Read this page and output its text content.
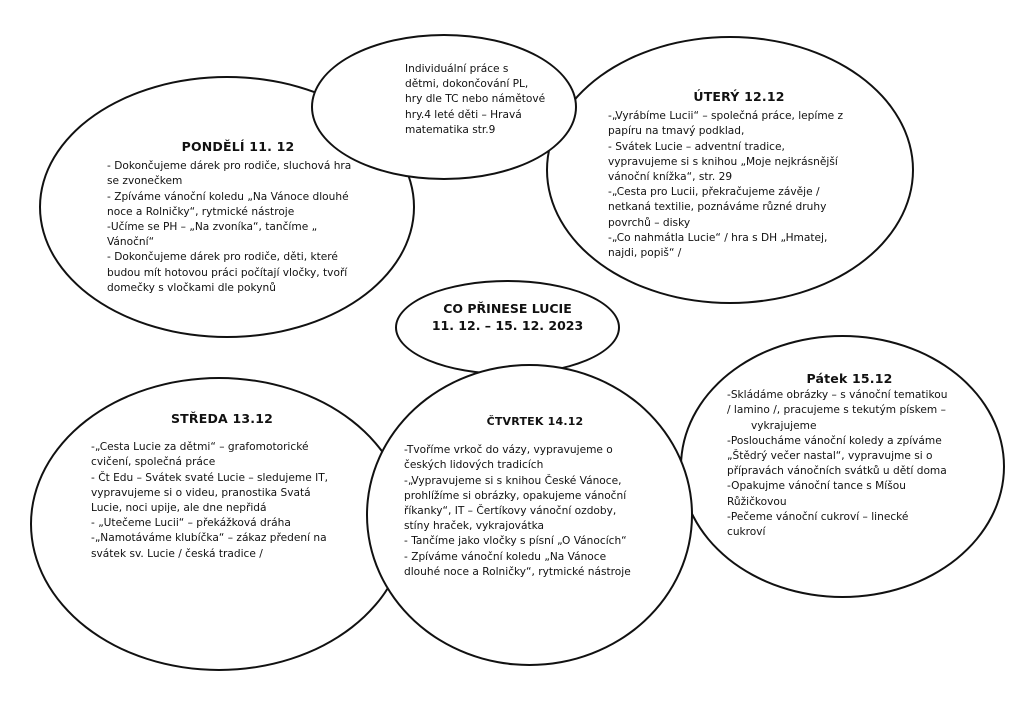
Individuální práce s
dětmi, dokončování PL,
hry dle TC nebo námětové
hry.4 leté děti – Hravá
matematika str.9
CO PŘINESE LUCIE
11. 12. – 15. 12. 2023
PONDĚLÍ 11. 12
- Dokončujeme dárek pro rodiče, sluchová hra
se zvonečkem
- Zpíváme vánoční koledu „Na Vánoce dlouhé
noce a Rolničky“, rytmické nástroje
-Učíme se PH – „Na zvoníka“, tančíme „
Vánoční“
- Dokončujeme dárek pro rodiče, děti, které
budou mít hotovou práci počítají vločky, tvoří
domečky s vločkami dle pokynů
ÚTERÝ 12.12
-„Vyrábíme Lucii“ – společná práce, lepíme z
papíru na tmavý podklad,
- Svátek Lucie – adventní tradice,
vypravujeme si s knihou „Moje nejkrásnější
vánoční knížka“, str. 29
-„Cesta pro Lucii, překračujeme závěje /
netkaná textilie, poznáváme různé druhy
povrchů – disky
-„Co nahmátla Lucie“ / hra s DH „Hmatej,
najdi, popiš“ /
STŘEDA 13.12
-„Cesta Lucie za dětmi“ – grafomotorické
cvičení, společná práce
- Čt Edu – Svátek svaté Lucie – sledujeme IT,
vypravujeme si o videu, pranostika Svatá
Lucie, noci upije, ale dne nepřidá
- „Utečeme Lucii“ – překážková dráha
-„Namotáváme klubíčka“ – zákaz předení na
svátek sv. Lucie / česká tradice /
ČTVRTEK 14.12
-Tvoříme vrkoč do vázy, vypravujeme o
českých lidových tradicích
-„Vypravujeme si s knihou České Vánoce,
prohlížíme si obrázky, opakujeme vánoční
říkanky“, IT – Čertíkovy vánoční ozdoby,
stíny hraček, vykrajovátka
- Tančíme jako vločky s písní „O Vánocích“
- Zpíváme vánoční koledu „Na Vánoce
dlouhé noce a Rolničky“, rytmické nástroje
Pátek 15.12
-Skládáme obrázky – s vánoční tematikou
/ lamino /, pracujeme s tekutým pískem –
vykrajujeme
-Posloucháme vánoční koledy a zpíváme
„Štědrý večer nastal“, vypravujme si o
přípravách vánočních svátků u dětí doma
-Opakujme vánoční tance s Míšou
Růžičkovou
-Pečeme vánoční cukroví – linecké
cukroví
